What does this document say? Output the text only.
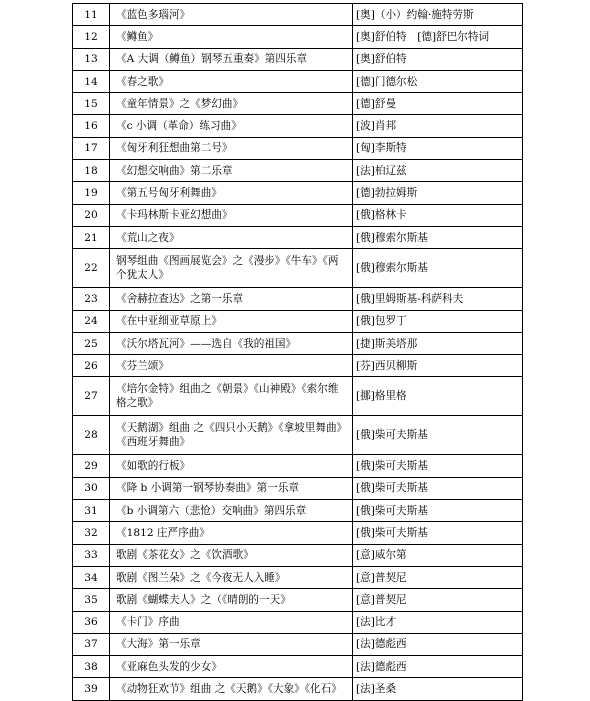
11	《蓝色多瑙河》	[奥]（小）约翰·施特劳斯
12	《鳟鱼》	[奥]舒伯特　[德]舒巴尔特词
13	《A 大调（鳟鱼）钢琴五重奏》第四乐章	[奥]舒伯特
14	《春之歌》	[德]门德尔松
15	《童年情景》之《梦幻曲》	[德]舒曼
16	《c 小调（革命）练习曲》	[波]肖邦
17	《匈牙利狂想曲第二号》	[匈]李斯特
18	《幻想交响曲》第二乐章	[法]柏辽兹
19	《第五号匈牙利舞曲》	[德]勃拉姆斯
20	《卡玛林斯卡亚幻想曲》	[俄]格林卡
21	《荒山之夜》	[俄]穆索尔斯基
22	钢琴组曲《图画展览会》之《漫步》《牛车》《两个犹太人》	[俄]穆索尔斯基
23	《舍赫拉查达》之第一乐章	[俄]里姆斯基-科萨科夫
24	《在中亚细亚草原上》	[俄]包罗丁
25	《沃尔塔瓦河》——选自《我的祖国》	[捷]斯美塔那
26	《芬兰颂》	[芬]西贝柳斯
27	《培尔金特》组曲之《朝景》《山神殿》《索尔维格之歌》	[挪]格里格
28	《天鹅湖》组曲 之《四只小天鹅》《拿坡里舞曲》《西班牙舞曲》	[俄]柴可夫斯基
29	《如歌的行板》	[俄]柴可夫斯基
30	《降 b 小调第一钢琴协奏曲》第一乐章	[俄]柴可夫斯基
31	《b 小调第六（悲怆）交响曲》第四乐章	[俄]柴可夫斯基
32	《1812 庄严序曲》	[俄]柴可夫斯基
33	歌剧《茶花女》之《饮酒歌》	[意]威尔第
34	歌剧《图兰朵》之《今夜无人入睡》	[意]普契尼
35	歌剧《蝴蝶夫人》之（《晴朗的一天》	[意]普契尼
36	《卡门》序曲	[法]比才
37	《大海》第一乐章	[法]德彪西
38	《亚麻色头发的少女》	[法]德彪西
39	《动物狂欢节》组曲 之《天鹅》《大象》《化石》	[法]圣桑
